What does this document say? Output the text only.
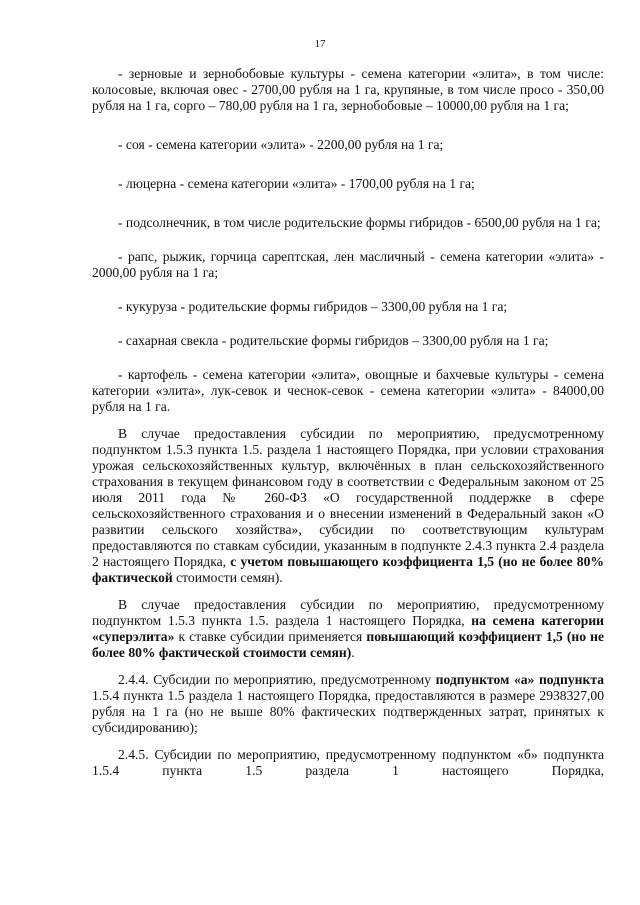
17

- зерновые и зернобобовые культуры - семена категории «элита», в том числе: колосовые, включая овес - 2700,00 рубля на 1 га, крупяные, в том числе просо - 350,00 рубля на 1 га, сорго – 780,00 рубля на 1 га, зернобобовые – 10000,00 рубля на 1 га;

- соя - семена категории «элита» - 2200,00 рубля на 1 га;

- люцерна - семена категории «элита» - 1700,00 рубля на 1 га;

- подсолнечник, в том числе родительские формы гибридов - 6500,00 рубля на 1 га;

- рапс, рыжик, горчица сарептская, лен масличный - семена категории «элита» - 2000,00 рубля на 1 га;

- кукуруза - родительские формы гибридов – 3300,00 рубля на 1 га;

- сахарная свекла - родительские формы гибридов – 3300,00 рубля на 1 га;

- картофель - семена категории «элита», овощные и бахчевые культуры - семена категории «элита», лук-севок и чеснок-севок - семена категории «элита» - 84000,00 рубля на 1 га.

В случае предоставления субсидии по мероприятию, предусмотренному подпунктом 1.5.3 пункта 1.5. раздела 1 настоящего Порядка, при условии страхования урожая сельскохозяйственных культур, включённых в план сельскохозяйственного страхования в текущем финансовом году в соответствии с Федеральным законом от 25 июля 2011 года № 260-ФЗ «О государственной поддержке в сфере сельскохозяйственного страхования и о внесении изменений в Федеральный закон «О развитии сельского хозяйства», субсидии по соответствующим культурам предоставляются по ставкам субсидии, указанным в подпункте 2.4.3 пункта 2.4 раздела 2 настоящего Порядка, с учетом повышающего коэффициента 1,5 (но не более 80% фактической стоимости семян).

В случае предоставления субсидии по мероприятию, предусмотренному подпунктом 1.5.3 пункта 1.5. раздела 1 настоящего Порядка, на семена категории «суперэлита» к ставке субсидии применяется повышающий коэффициент 1,5 (но не более 80% фактической стоимости семян).

2.4.4. Субсидии по мероприятию, предусмотренному подпунктом «а» подпункта 1.5.4 пункта 1.5 раздела 1 настоящего Порядка, предоставляются в размере 2938327,00 рубля на 1 га (но не выше 80% фактических подтвержденных затрат, принятых к субсидированию);

2.4.5. Субсидии по мероприятию, предусмотренному подпунктом «б» подпункта 1.5.4 пункта 1.5 раздела 1 настоящего Порядка,
